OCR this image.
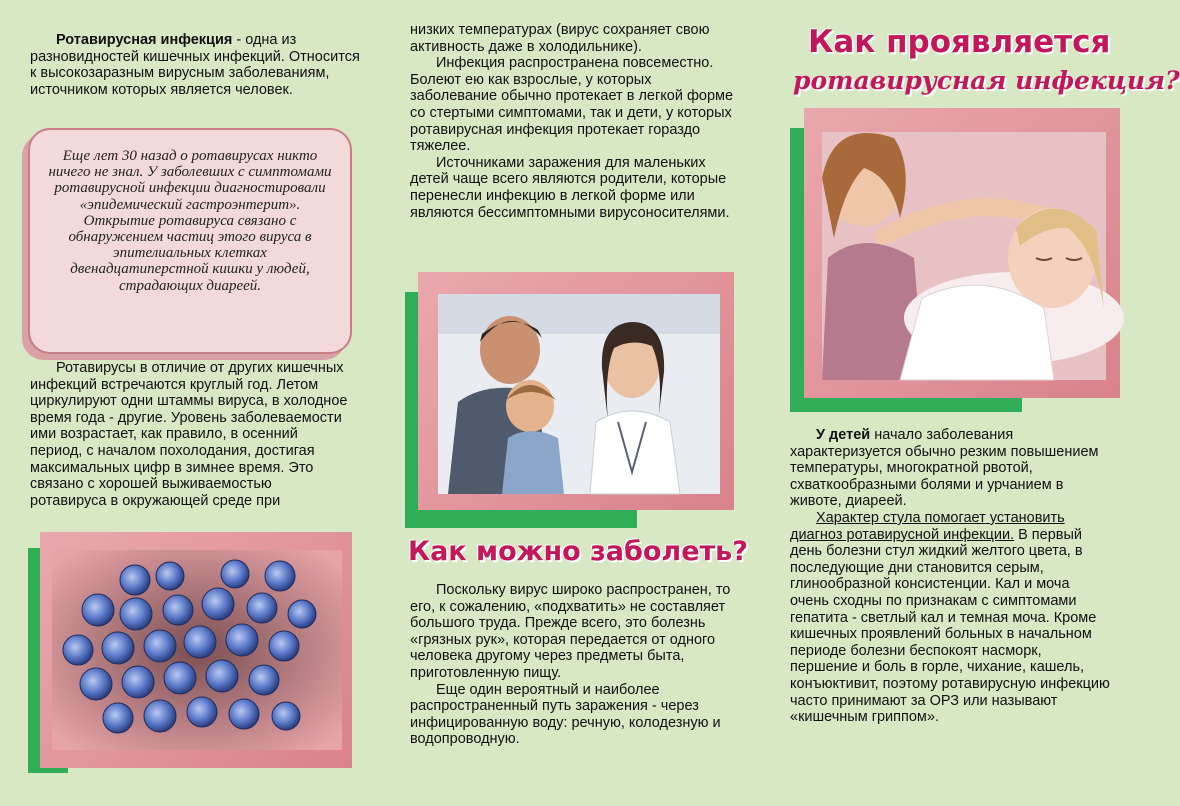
Ротавирусная инфекция - одна из разновидностей кишечных инфекций. Относится к высокозаразным вирусным заболеваниям, источником которых является человек.

Еще лет 30 назад о ротавирусах никто ничего не знал. У заболевших с симптомами ротавирусной инфекции диагностировали «эпидемический гастроэнтерит». Открытие ротавируса связано с обнаружением частиц этого вируса в эпителиальных клетках двенадцатиперстной кишки у людей, страдающих диареей.

Ротавирусы в отличие от других кишечных инфекций встречаются круглый год. Летом циркулируют одни штаммы вируса, в холодное время года - другие. Уровень заболеваемости ими возрастает, как правило, в осенний период, с началом похолодания, достигая максимальных цифр в зимнее время. Это связано с хорошей выживаемостью ротавируса в окружающей среде при

низких температурах (вирус сохраняет свою активность даже в холодильнике).

Инфекция распространена повсеместно. Болеют ею как взрослые, у которых заболевание обычно протекает в легкой форме со стертыми симптомами, так и дети, у которых ротавирусная инфекция протекает гораздо тяжелее.

Источниками заражения для маленьких детей чаще всего являются родители, которые перенесли инфекцию в легкой форме или являются бессимптомными вирусоносителями.

Как можно заболеть?

Поскольку вирус широко распространен, то его, к сожалению, «подхватить» не составляет большого труда. Прежде всего, это болезнь «грязных рук», которая передается от одного человека другому через предметы быта, приготовленную пищу.

Еще один вероятный и наиболее распространенный путь заражения - через инфицированную воду: речную, колодезную и водопроводную.

Как проявляется
ротавирусная инфекция?

У детей начало заболевания характеризуется обычно резким повышением температуры, многократной рвотой, схваткообразными болями и урчанием в животе, диареей.

Характер стула помогает установить диагноз ротавирусной инфекции. В первый день болезни стул жидкий желтого цвета, в последующие дни становится серым, глинообразной консистенции. Кал и моча очень сходны по признакам с симптомами гепатита - светлый кал и темная моча. Кроме кишечных проявлений больных в начальном периоде болезни беспокоят насморк, першение и боль в горле, чихание, кашель, конъюктивит, поэтому ротавирусную инфекцию часто принимают за ОРЗ или называют «кишечным гриппом».
